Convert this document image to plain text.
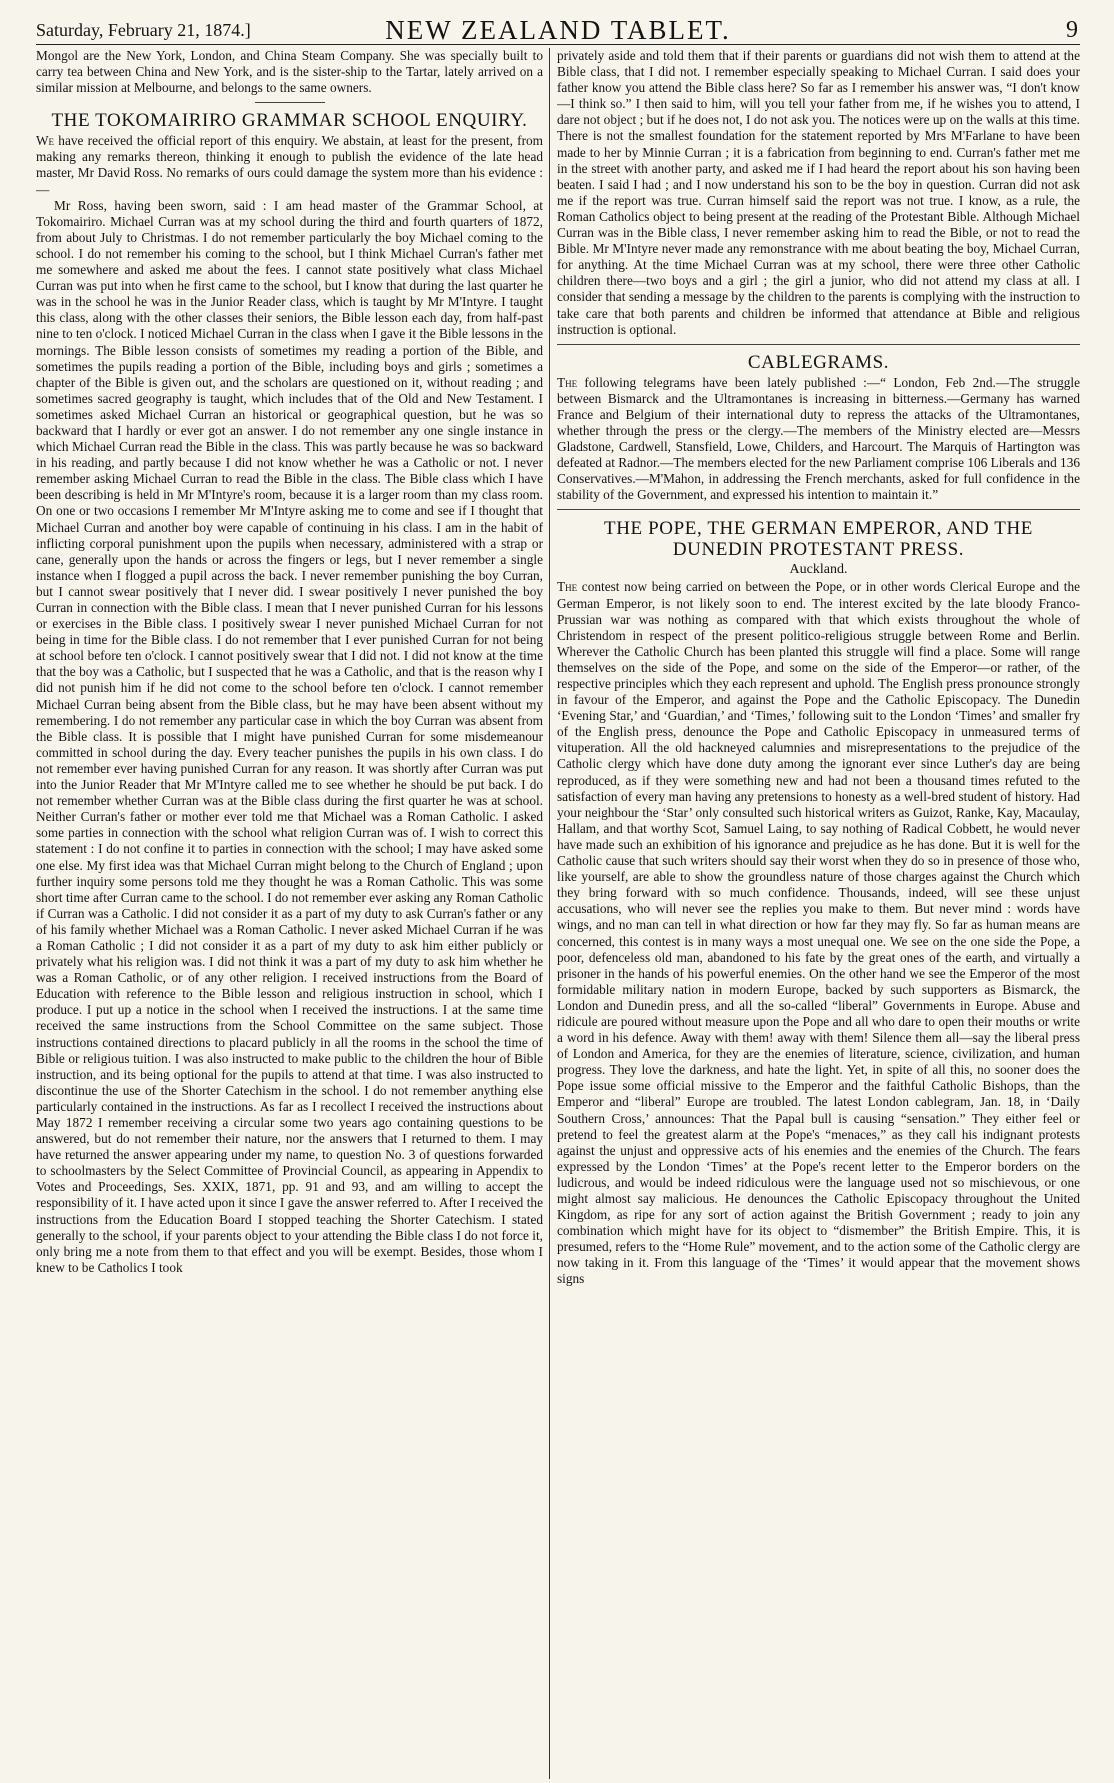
Saturday, February 21, 1874.]	NEW ZEALAND TABLET.	9

Mongol are the New York, London, and China Steam Company. She was specially built to carry tea between China and New York, and is the sister-ship to the Tartar, lately arrived on a similar mission at Melbourne, and belongs to the same owners.

THE TOKOMAIRIRO GRAMMAR SCHOOL ENQUIRY.

We have received the official report of this enquiry. We abstain, at least for the present, from making any remarks thereon, thinking it enough to publish the evidence of the late head master, Mr David Ross. No remarks of ours could damage the system more than his evidence :—

Mr Ross, having been sworn, said : I am head master of the Grammar School, at Tokomairiro. Michael Curran was at my school during the third and fourth quarters of 1872, from about July to Christmas. I do not remember particularly the boy Michael coming to the school. I do not remember his coming to the school, but I think Michael Curran's father met me somewhere and asked me about the fees. I cannot state positively what class Michael Curran was put into when he first came to the school, but I know that during the last quarter he was in the school he was in the Junior Reader class, which is taught by Mr M'Intyre. I taught this class, along with the other classes their seniors, the Bible lesson each day, from half-past nine to ten o'clock. I noticed Michael Curran in the class when I gave it the Bible lessons in the mornings. The Bible lesson consists of sometimes my reading a portion of the Bible, and sometimes the pupils reading a portion of the Bible, including boys and girls ; sometimes a chapter of the Bible is given out, and the scholars are questioned on it, without reading ; and sometimes sacred geography is taught, which includes that of the Old and New Testament. I sometimes asked Michael Curran an historical or geographical question, but he was so backward that I hardly or ever got an answer. I do not remember any one single instance in which Michael Curran read the Bible in the class. This was partly because he was so backward in his reading, and partly because I did not know whether he was a Catholic or not. I never remember asking Michael Curran to read the Bible in the class. The Bible class which I have been describing is held in Mr M'Intyre's room, because it is a larger room than my class room. On one or two occasions I remember Mr M'Intyre asking me to come and see if I thought that Michael Curran and another boy were capable of continuing in his class. I am in the habit of inflicting corporal punishment upon the pupils when necessary, administered with a strap or cane, generally upon the hands or across the fingers or legs, but I never remember a single instance when I flogged a pupil across the back. I never remember punishing the boy Curran, but I cannot swear positively that I never did. I swear positively I never punished the boy Curran in connection with the Bible class. I mean that I never punished Curran for his lessons or exercises in the Bible class. I positively swear I never punished Michael Curran for not being in time for the Bible class. I do not remember that I ever punished Curran for not being at school before ten o'clock. I cannot positively swear that I did not. I did not know at the time that the boy was a Catholic, but I suspected that he was a Catholic, and that is the reason why I did not punish him if he did not come to the school before ten o'clock. I cannot remember Michael Curran being absent from the Bible class, but he may have been absent without my remembering. I do not remember any particular case in which the boy Curran was absent from the Bible class. It is possible that I might have punished Curran for some misdemeanour committed in school during the day. Every teacher punishes the pupils in his own class. I do not remember ever having punished Curran for any reason. It was shortly after Curran was put into the Junior Reader that Mr M'Intyre called me to see whether he should be put back. I do not remember whether Curran was at the Bible class during the first quarter he was at school. Neither Curran's father or mother ever told me that Michael was a Roman Catholic. I asked some parties in connection with the school what religion Curran was of. I wish to correct this statement : I do not confine it to parties in connection with the school; I may have asked some one else. My first idea was that Michael Curran might belong to the Church of England ; upon further inquiry some persons told me they thought he was a Roman Catholic. This was some short time after Curran came to the school. I do not remember ever asking any Roman Catholic if Curran was a Catholic. I did not consider it as a part of my duty to ask Curran's father or any of his family whether Michael was a Roman Catholic. I never asked Michael Curran if he was a Roman Catholic ; I did not consider it as a part of my duty to ask him either publicly or privately what his religion was. I did not think it was a part of my duty to ask him whether he was a Roman Catholic, or of any other religion. I received instructions from the Board of Education with reference to the Bible lesson and religious instruction in school, which I produce. I put up a notice in the school when I received the instructions. I at the same time received the same instructions from the School Committee on the same subject. Those instructions contained directions to placard publicly in all the rooms in the school the time of Bible or religious tuition. I was also instructed to make public to the children the hour of Bible instruction, and its being optional for the pupils to attend at that time. I was also instructed to discontinue the use of the Shorter Catechism in the school. I do not remember anything else particularly contained in the instructions. As far as I recollect I received the instructions about May 1872 I remember receiving a circular some two years ago containing questions to be answered, but do not remember their nature, nor the answers that I returned to them. I may have returned the answer appearing under my name, to question No. 3 of questions forwarded to schoolmasters by the Select Committee of Provincial Council, as appearing in Appendix to Votes and Proceedings, Ses. XXIX, 1871, pp. 91 and 93, and am willing to accept the responsibility of it. I have acted upon it since I gave the answer referred to. After I received the instructions from the Education Board I stopped teaching the Shorter Catechism. I stated generally to the school, if your parents object to your attending the Bible class I do not force it, only bring me a note from them to that effect and you will be exempt. Besides, those whom I knew to be Catholics I took

privately aside and told them that if their parents or guardians did not wish them to attend at the Bible class, that I did not. I remember especially speaking to Michael Curran. I said does your father know you attend the Bible class here? So far as I remember his answer was, “I don't know—I think so.” I then said to him, will you tell your father from me, if he wishes you to attend, I dare not object ; but if he does not, I do not ask you. The notices were up on the walls at this time. There is not the smallest foundation for the statement reported by Mrs M'Farlane to have been made to her by Minnie Curran ; it is a fabrication from beginning to end. Curran's father met me in the street with another party, and asked me if I had heard the report about his son having been beaten. I said I had ; and I now understand his son to be the boy in question. Curran did not ask me if the report was true. Curran himself said the report was not true. I know, as a rule, the Roman Catholics object to being present at the reading of the Protestant Bible. Although Michael Curran was in the Bible class, I never remember asking him to read the Bible, or not to read the Bible. Mr M'Intyre never made any remonstrance with me about beating the boy, Michael Curran, for anything. At the time Michael Curran was at my school, there were three other Catholic children there—two boys and a girl ; the girl a junior, who did not attend my class at all. I consider that sending a message by the children to the parents is complying with the instruction to take care that both parents and children be informed that attendance at Bible and religious instruction is optional.

CABLEGRAMS.

The following telegrams have been lately published :—“ London, Feb 2nd.—The struggle between Bismarck and the Ultramontanes is increasing in bitterness.—Germany has warned France and Belgium of their international duty to repress the attacks of the Ultramontanes, whether through the press or the clergy.—The members of the Ministry elected are—Messrs Gladstone, Cardwell, Stansfield, Lowe, Childers, and Harcourt. The Marquis of Hartington was defeated at Radnor.—The members elected for the new Parliament comprise 106 Liberals and 136 Conservatives.—M'Mahon, in addressing the French merchants, asked for full confidence in the stability of the Government, and expressed his intention to maintain it.”

THE POPE, THE GERMAN EMPEROR, AND THE DUNEDIN PROTESTANT PRESS.
Auckland.

The contest now being carried on between the Pope, or in other words Clerical Europe and the German Emperor, is not likely soon to end. The interest excited by the late bloody Franco-Prussian war was nothing as compared with that which exists throughout the whole of Christendom in respect of the present politico-religious struggle between Rome and Berlin. Wherever the Catholic Church has been planted this struggle will find a place. Some will range themselves on the side of the Pope, and some on the side of the Emperor—or rather, of the respective principles which they each represent and uphold. The English press pronounce strongly in favour of the Emperor, and against the Pope and the Catholic Episcopacy. The Dunedin ‘Evening Star,’ and ‘Guardian,’ and ‘Times,’ following suit to the London ‘Times’ and smaller fry of the English press, denounce the Pope and Catholic Episcopacy in unmeasured terms of vituperation. All the old hackneyed calumnies and misrepresentations to the prejudice of the Catholic clergy which have done duty among the ignorant ever since Luther's day are being reproduced, as if they were something new and had not been a thousand times refuted to the satisfaction of every man having any pretensions to honesty as a well-bred student of history. Had your neighbour the ‘Star’ only consulted such historical writers as Guizot, Ranke, Kay, Macaulay, Hallam, and that worthy Scot, Samuel Laing, to say nothing of Radical Cobbett, he would never have made such an exhibition of his ignorance and prejudice as he has done. But it is well for the Catholic cause that such writers should say their worst when they do so in presence of those who, like yourself, are able to show the groundless nature of those charges against the Church which they bring forward with so much confidence. Thousands, indeed, will see these unjust accusations, who will never see the replies you make to them. But never mind : words have wings, and no man can tell in what direction or how far they may fly. So far as human means are concerned, this contest is in many ways a most unequal one. We see on the one side the Pope, a poor, defenceless old man, abandoned to his fate by the great ones of the earth, and virtually a prisoner in the hands of his powerful enemies. On the other hand we see the Emperor of the most formidable military nation in modern Europe, backed by such supporters as Bismarck, the London and Dunedin press, and all the so-called “liberal” Governments in Europe. Abuse and ridicule are poured without measure upon the Pope and all who dare to open their mouths or write a word in his defence. Away with them! away with them! Silence them all—say the liberal press of London and America, for they are the enemies of literature, science, civilization, and human progress. They love the darkness, and hate the light. Yet, in spite of all this, no sooner does the Pope issue some official missive to the Emperor and the faithful Catholic Bishops, than the Emperor and “liberal” Europe are troubled. The latest London cablegram, Jan. 18, in ‘Daily Southern Cross,’ announces: That the Papal bull is causing “sensation.” They either feel or pretend to feel the greatest alarm at the Pope's “menaces,” as they call his indignant protests against the unjust and oppressive acts of his enemies and the enemies of the Church. The fears expressed by the London ‘Times’ at the Pope's recent letter to the Emperor borders on the ludicrous, and would be indeed ridiculous were the language used not so mischievous, or one might almost say malicious. He denounces the Catholic Episcopacy throughout the United Kingdom, as ripe for any sort of action against the British Government ; ready to join any combination which might have for its object to “dismember” the British Empire. This, it is presumed, refers to the “Home Rule” movement, and to the action some of the Catholic clergy are now taking in it. From this language of the ‘Times’ it would appear that the movement shows signs
